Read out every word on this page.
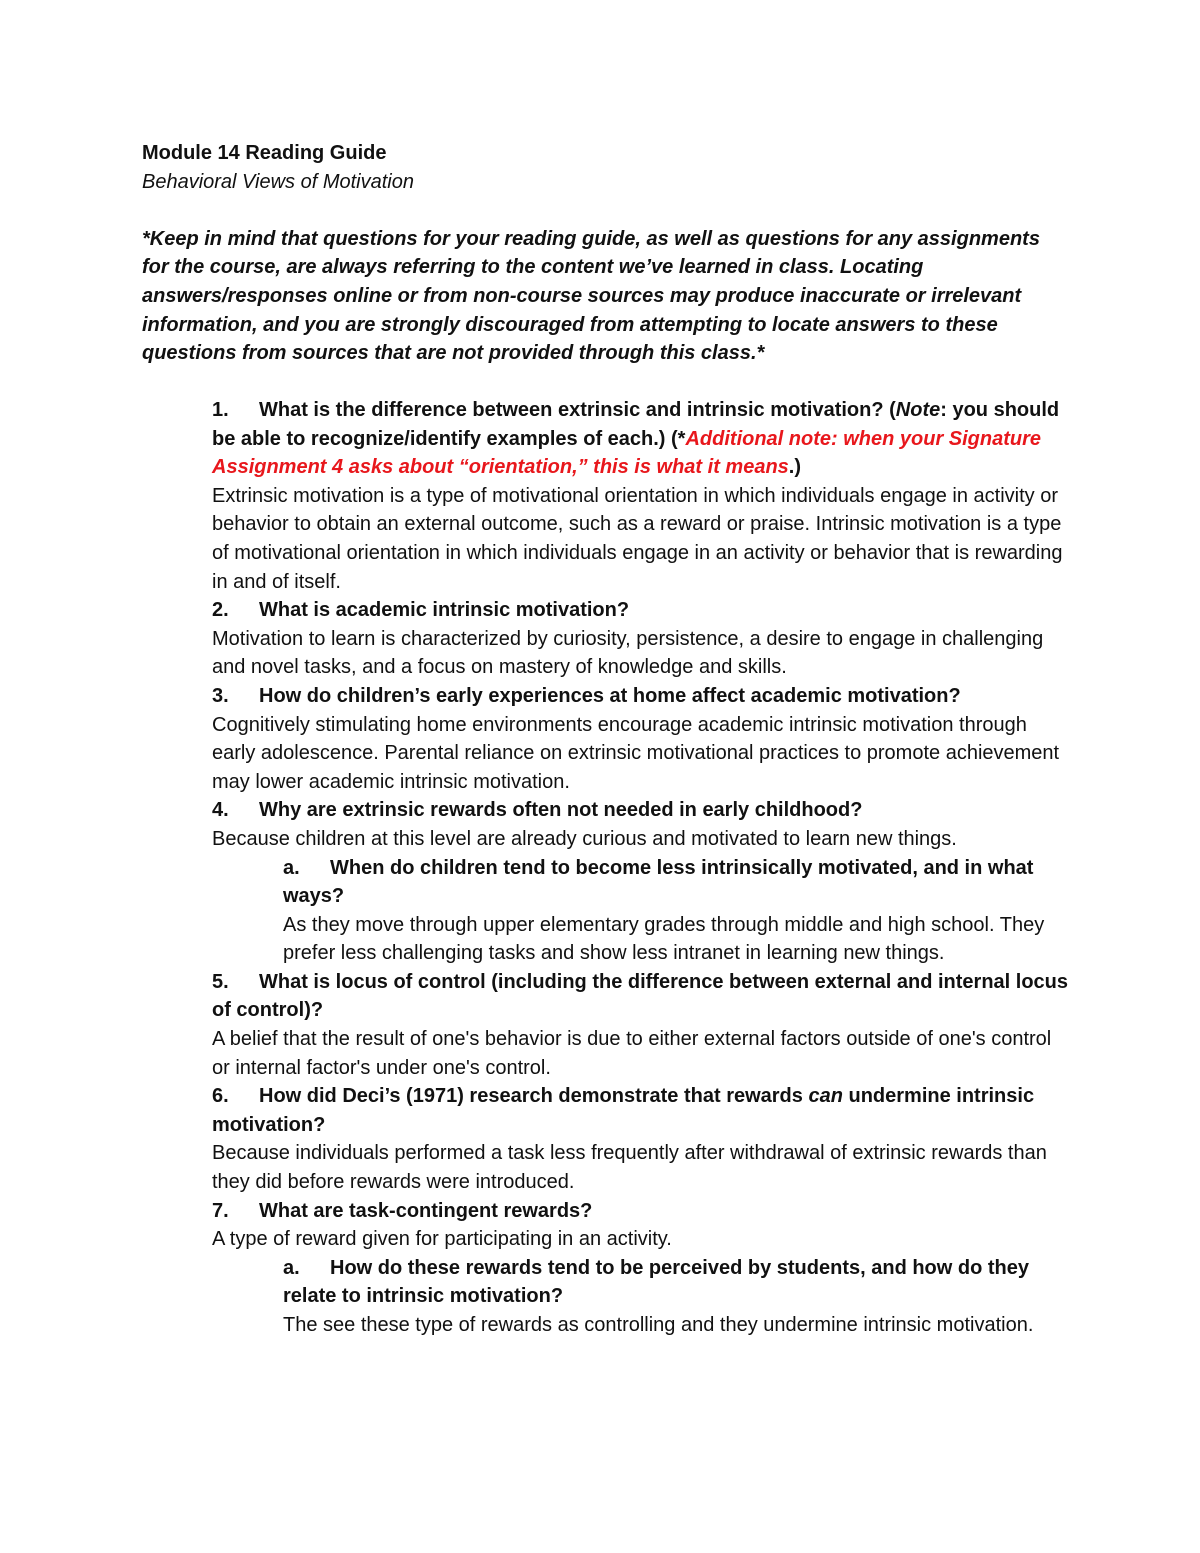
Module 14 Reading Guide

Behavioral Views of Motivation

*Keep in mind that questions for your reading guide, as well as questions for any assignments for the course, are always referring to the content we’ve learned in class. Locating answers/responses online or from non-course sources may produce inaccurate or irrelevant information, and you are strongly discouraged from attempting to locate answers to these questions from sources that are not provided through this class.*

1. What is the difference between extrinsic and intrinsic motivation? (Note: you should be able to recognize/identify examples of each.) (*Additional note: when your Signature Assignment 4 asks about “orientation,” this is what it means.)
Extrinsic motivation is a type of motivational orientation in which individuals engage in activity or behavior to obtain an external outcome, such as a reward or praise. Intrinsic motivation is a type of motivational orientation in which individuals engage in an activity or behavior that is rewarding in and of itself.
2. What is academic intrinsic motivation?
Motivation to learn is characterized by curiosity, persistence, a desire to engage in challenging and novel tasks, and a focus on mastery of knowledge and skills.
3. How do children’s early experiences at home affect academic motivation?
Cognitively stimulating home environments encourage academic intrinsic motivation through early adolescence. Parental reliance on extrinsic motivational practices to promote achievement may lower academic intrinsic motivation.
4. Why are extrinsic rewards often not needed in early childhood?
Because children at this level are already curious and motivated to learn new things.
a. When do children tend to become less intrinsically motivated, and in what ways?
As they move through upper elementary grades through middle and high school. They prefer less challenging tasks and show less intranet in learning new things.
5. What is locus of control (including the difference between external and internal locus of control)?
A belief that the result of one's behavior is due to either external factors outside of one's control or internal factor's under one's control.
6. How did Deci’s (1971) research demonstrate that rewards can undermine intrinsic motivation?
Because individuals performed a task less frequently after withdrawal of extrinsic rewards than they did before rewards were introduced.
7. What are task-contingent rewards?
A type of reward given for participating in an activity.
a. How do these rewards tend to be perceived by students, and how do they relate to intrinsic motivation?
The see these type of rewards as controlling and they undermine intrinsic motivation.
